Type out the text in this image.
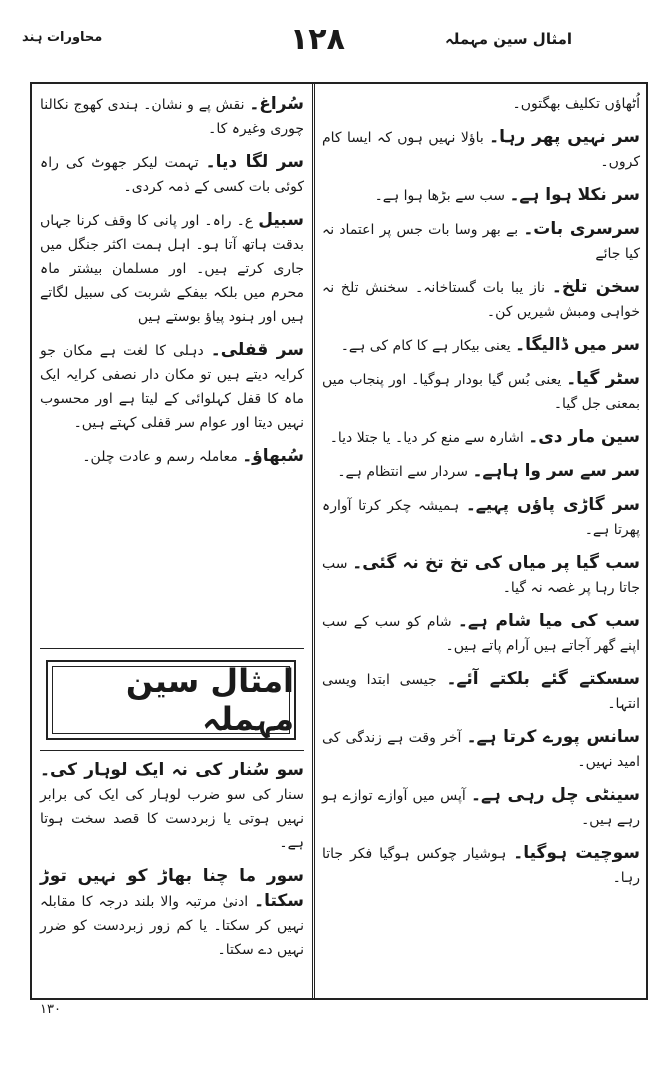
امثال سین مہملہ
۱۲۸
محاورات ہند
اُٹھاؤں تکلیف بھگتوں۔
سر نہیں پھر رہا۔ باؤلا نہیں ہوں کہ ایسا کام کروں۔
سر نکلا ہوا ہے۔ سب سے بڑھا ہوا ہے۔
سرسری بات۔ بے بھر وسا بات جس پر اعتماد نہ کیا جائے
سخن تلخ۔ ناز یبا بات گستاخانہ۔ سخنش تلخ نہ خواہی ومبش شیریں کن۔
سر میں ڈالیگا۔ یعنی بیکار ہے کا کام کی ہے۔
سٹر گیا۔ یعنی بُس گیا بودار ہوگیا۔ اور پنجاب میں بمعنی جل گیا۔
سین مار دی۔ اشارہ سے منع کر دیا۔ یا جتلا دیا۔
سر سے سر وا ہاہے۔ سردار سے انتظام ہے۔
سر گاڑی پاؤں پہیے۔ ہمیشہ چکر کرتا آوارہ پھرتا ہے۔
سب گیا پر میاں کی تخ تخ نہ گئی۔ سب جاتا رہا پر غصہ نہ گیا۔
سب کی میا شام ہے۔ شام کو سب کے سب اپنے گھر آجاتے ہیں آرام پاتے ہیں۔
سسکتے گئے بلکتے آئے۔ جیسی ابتدا ویسی انتہا۔
سانس پورے کرتا ہے۔ آخر وقت ہے زندگی کی امید نہیں۔
سینٹی چل رہی ہے۔ آپس میں آوازے توازے ہو رہے ہیں۔
سوچیت ہوگیا۔ ہوشیار چوکس ہوگیا فکر جاتا رہا۔
سُراغ۔ نقش پے و نشان۔ ہندی کھوج نکالنا چوری وغیرہ کا۔
سر لگا دیا۔ تہمت لیکر جھوٹ کی راہ کوئی بات کسی کے ذمہ کردی۔
سبیل ع۔ راہ۔ اور پانی کا وقف کرنا جہاں بدقت ہاتھ آتا ہو۔ اہل ہمت اکثر جنگل میں جاری کرتے ہیں۔ اور مسلمان بیشتر ماہ محرم میں بلکہ بیفکے شربت کی سبیل لگاتے ہیں اور ہنود پیاؤ بوستے ہیں
سر قفلی۔ دہلی کا لغت ہے مکان جو کرایہ دیتے ہیں تو مکان دار نصفی کرایہ ایک ماہ کا قفل کہلوائی کے لیتا ہے اور محسوب نہیں دیتا اور عوام سر قفلی کہتے ہیں۔
سُبھاؤ۔ معاملہ رسم و عادت چلن۔
امثال سین مہملہ
سو سُنار کی نہ ایک لوہار کی۔ سنار کی سو ضرب لوہار کی ایک کی برابر نہیں ہوتی یا زبردست کا قصد سخت ہوتا ہے۔
سور ما چنا بھاڑ کو نہیں توڑ سکتا۔ ادنیٰ مرتبہ والا بلند درجہ کا مقابلہ نہیں کر سکتا۔ یا کم زور زبردست کو ضرر نہیں دے سکتا۔
۱۳۰
